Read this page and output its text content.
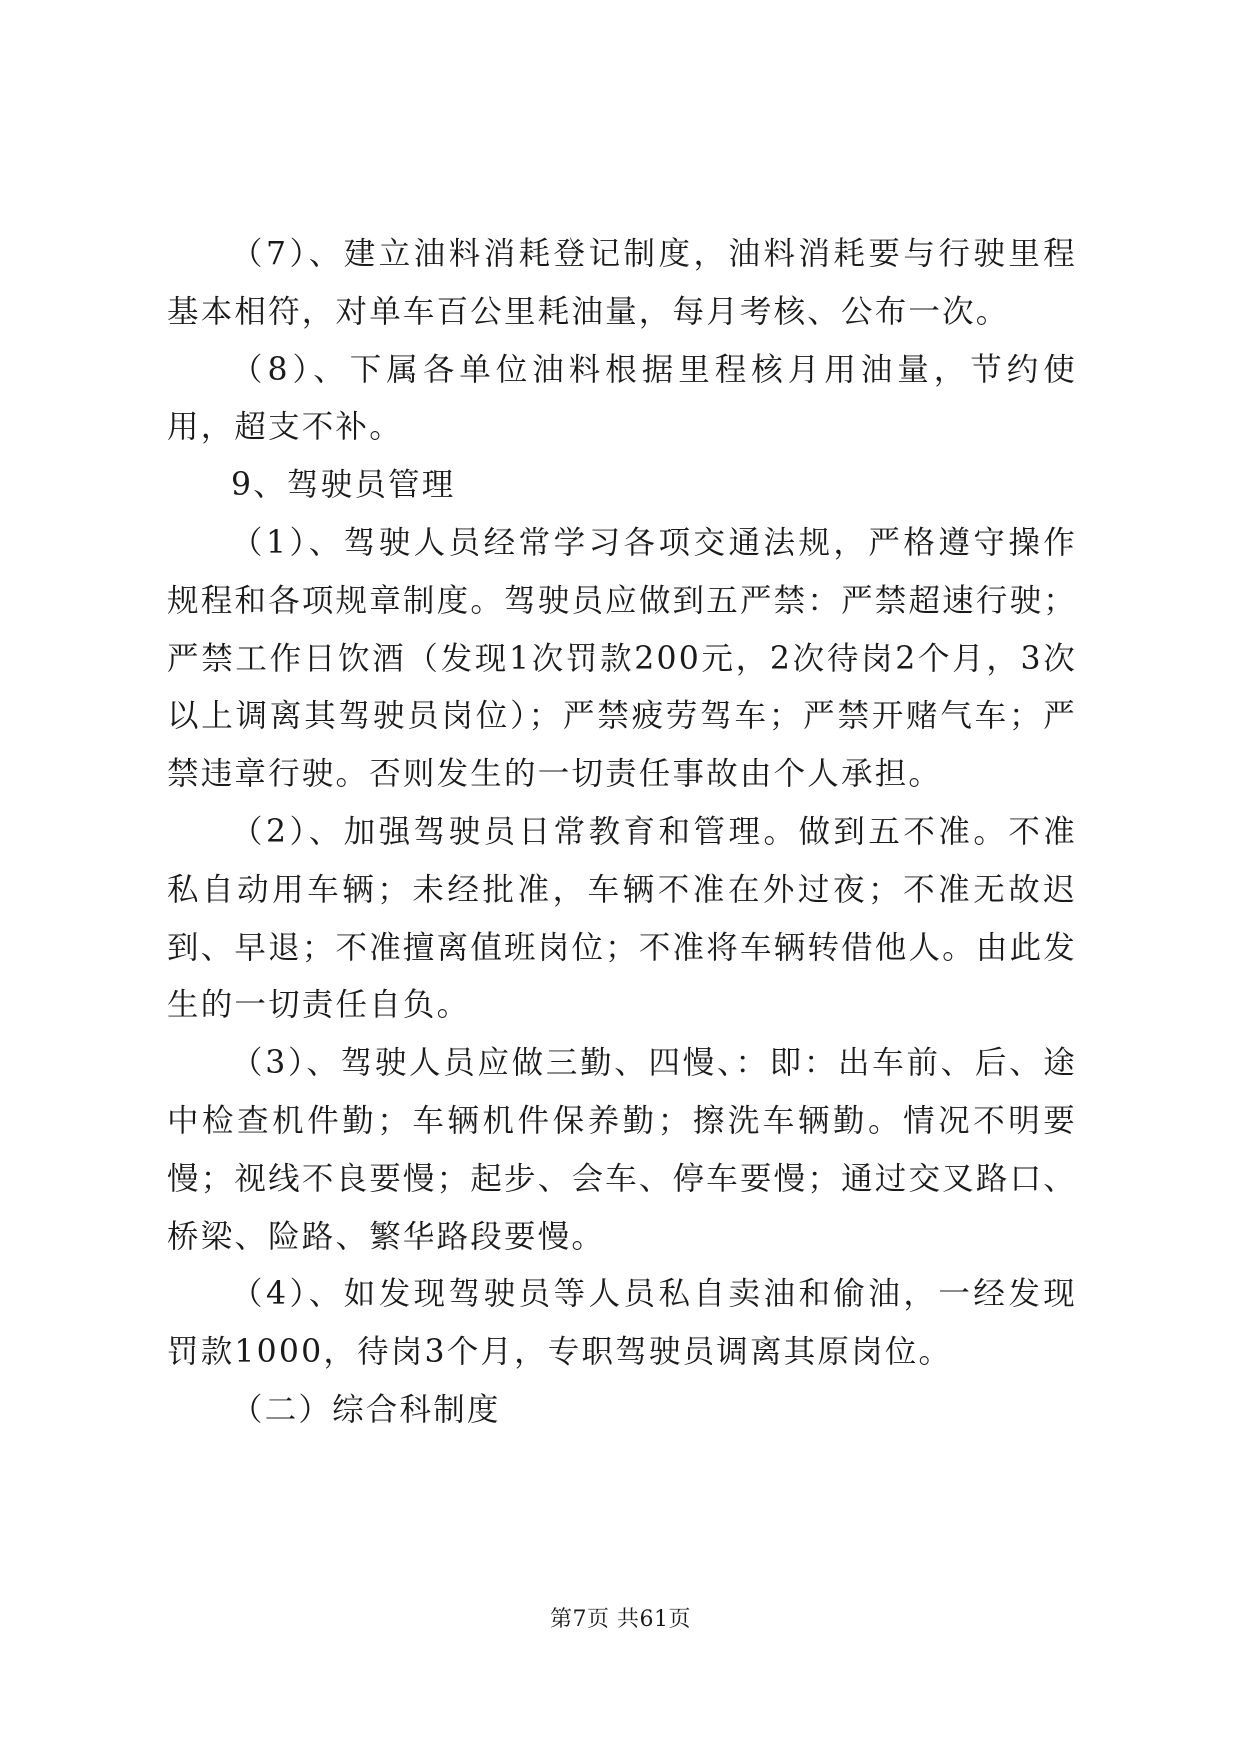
（7）、建立油料消耗登记制度，油料消耗要与行驶里程基本相符，对单车百公里耗油量，每月考核、公布一次。

（8）、下属各单位油料根据里程核月用油量，节约使用，超支不补。

9、驾驶员管理

（1）、驾驶人员经常学习各项交通法规，严格遵守操作规程和各项规章制度。驾驶员应做到五严禁：严禁超速行驶；严禁工作日饮酒（发现1次罚款200元，2次待岗2个月，3次以上调离其驾驶员岗位）；严禁疲劳驾车；严禁开赌气车；严禁违章行驶。否则发生的一切责任事故由个人承担。

（2）、加强驾驶员日常教育和管理。做到五不准。不准私自动用车辆；未经批准，车辆不准在外过夜；不准无故迟到、早退；不准擅离值班岗位；不准将车辆转借他人。由此发生的一切责任自负。

（3）、驾驶人员应做三勤、四慢、：即：出车前、后、途中检查机件勤；车辆机件保养勤；擦洗车辆勤。情况不明要慢；视线不良要慢；起步、会车、停车要慢；通过交叉路口、桥梁、险路、繁华路段要慢。

（4）、如发现驾驶员等人员私自卖油和偷油，一经发现罚款1000，待岗3个月，专职驾驶员调离其原岗位。

（二）综合科制度

第7页 共61页
